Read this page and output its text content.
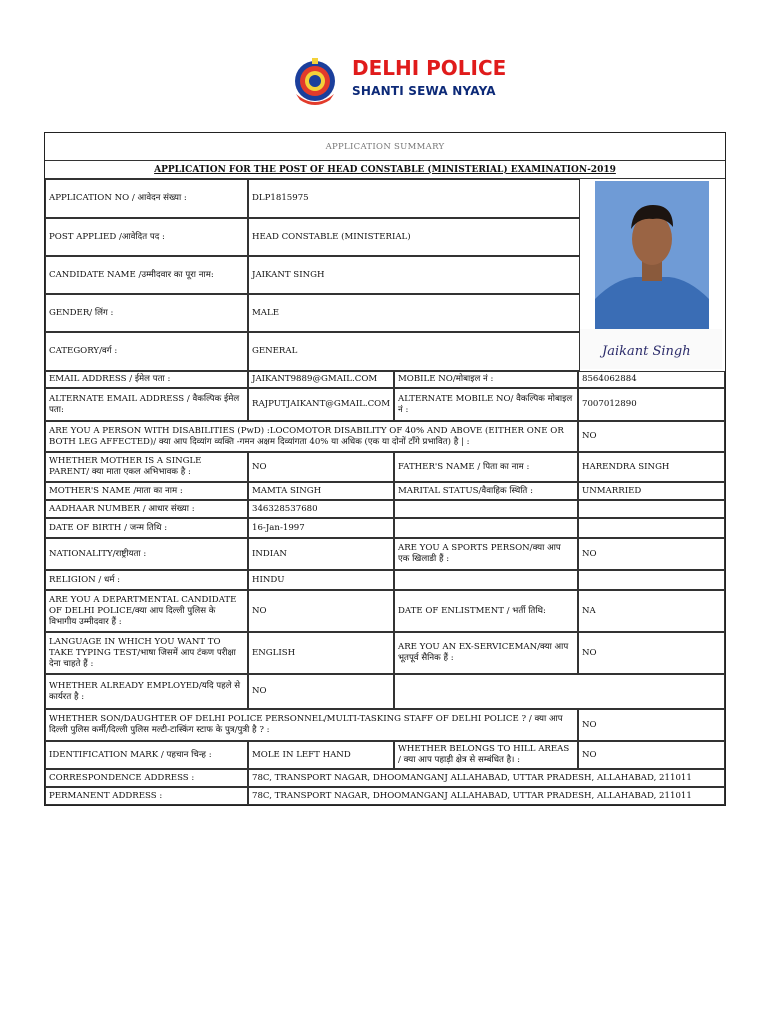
DELHI POLICE
SHANTI SEWA NYAYA
APPLICATION SUMMARY
APPLICATION FOR THE POST OF HEAD CONSTABLE (MINISTERIAL) EXAMINATION-2019
APPLICATION NO / आवेदन संख्या :	DLP1815975
POST APPLIED /आवेदित पद :	HEAD CONSTABLE (MINISTERIAL)
CANDIDATE NAME /उम्मीदवार का पूरा नाम:	JAIKANT SINGH
GENDER/ लिंग :	MALE
CATEGORY/वर्ग :	GENERAL	Jaikant Singh
EMAIL ADDRESS / ईमेल पता :	JAIKANT9889@GMAIL.COM	MOBILE NO/मोबाइल नं :	8564062884
ALTERNATE EMAIL ADDRESS / वैकल्पिक ईमेल पता:
RAJPUTJAIKANT@GMAIL.COM
ALTERNATE MOBILE NO/ वैकल्पिक मोबाइल नं :
7007012890
ARE YOU A PERSON WITH DISABILITIES (PwD) :LOCOMOTOR DISABILITY OF 40% AND ABOVE (EITHER ONE OR BOTH LEG AFFECTED)/ क्या आप दिव्यांग व्यक्ति -गमन अक्षम दिव्यांगता 40% या अधिक (एक या दोनों टॉंगे प्रभावित) है | :
NO
WHETHER MOTHER IS A SINGLE PARENT/ क्या माता एकल अभिभावक है :
NO	FATHER'S NAME / पिता का नाम :	HARENDRA SINGH
MOTHER'S NAME /माता का नाम :	MAMTA SINGH	MARITAL STATUS/वैवाहिक स्थिति :	UNMARRIED
AADHAAR NUMBER / आधार संख्या :	346328537680
DATE OF BIRTH / जन्म तिथि :	16-Jan-1997
NATIONALITY/राष्ट्रीयता :	INDIAN
ARE YOU A SPORTS PERSON/क्या आप एक खिलाडी हैं :
NO
RELIGION / धर्म :	HINDU
ARE YOU A DEPARTMENTAL CANDIDATE OF DELHI POLICE/क्या आप दिल्ली पुलिस के विभागीय उम्मीदवार हैं :
NO	DATE OF ENLISTMENT / भर्ती तिथि:	NA
LANGUAGE IN WHICH YOU WANT TO TAKE TYPING TEST/भाषा जिसमें आप टंकण परीक्षा देना चाहते हैं :
ENGLISH
ARE YOU AN EX-SERVICEMAN/क्या आप भूतपूर्व सैनिक हैं :
NO
WHETHER ALREADY EMPLOYED/यदि पहले से कार्यरत है :
NO
WHETHER SON/DAUGHTER OF DELHI POLICE PERSONNEL/MULTI-TASKING STAFF OF DELHI POLICE ? / क्या आप दिल्ली पुलिस कर्मी/दिल्ली पुलिस मल्टी-टास्किंग स्टाफ के पुत्र/पुत्री है ? :
NO
IDENTIFICATION MARK / पहचान चिन्ह :	MOLE IN LEFT HAND
WHETHER BELONGS TO HILL AREAS / क्या आप पहाड़ी क्षेत्र से सम्बंधित है। :
NO
CORRESPONDENCE ADDRESS :	78C, TRANSPORT NAGAR, DHOOMANGANJ ALLAHABAD, UTTAR PRADESH, ALLAHABAD, 211011
PERMANENT ADDRESS :	78C, TRANSPORT NAGAR, DHOOMANGANJ ALLAHABAD, UTTAR PRADESH, ALLAHABAD, 211011
